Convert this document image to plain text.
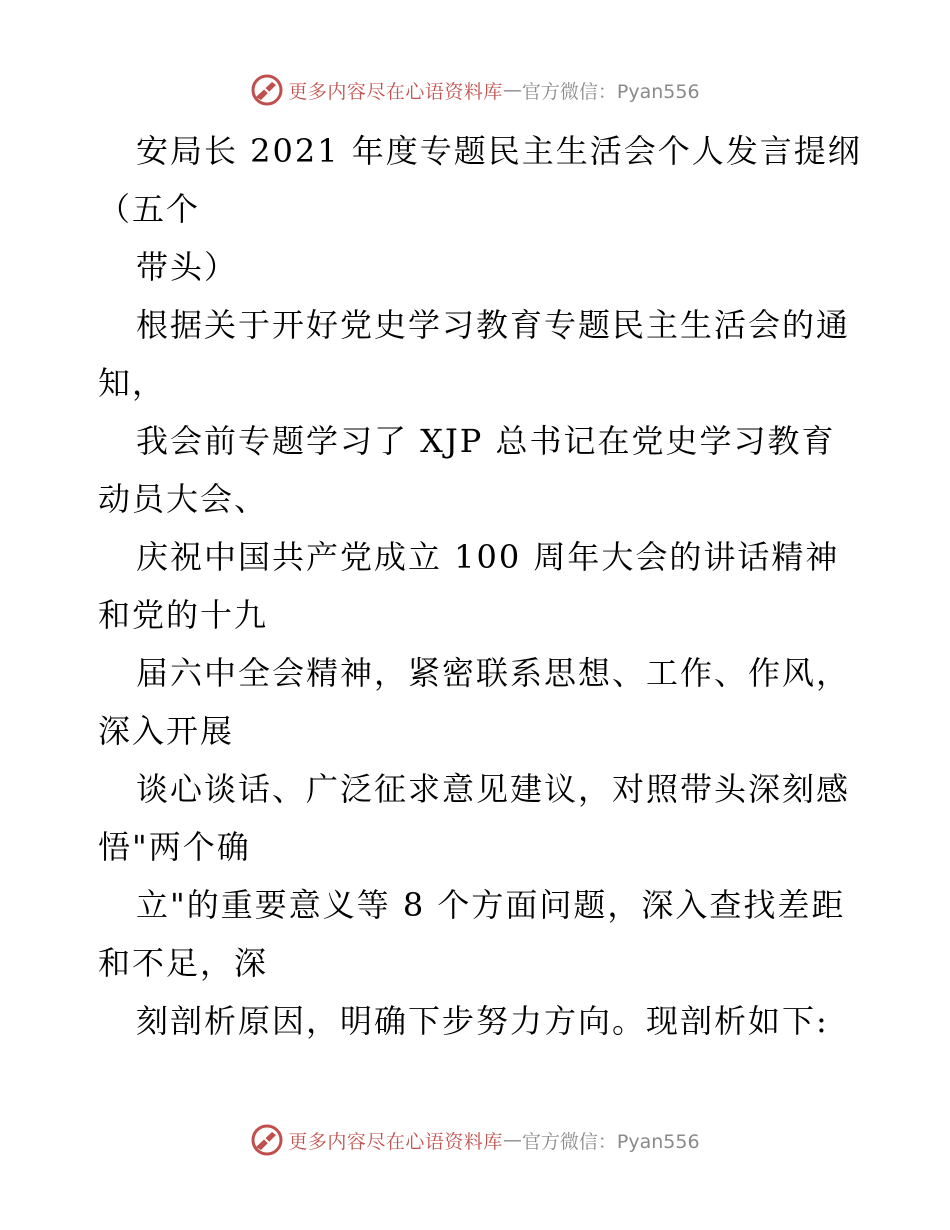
更多内容尽在心语资料库 — 官方微信：Pyan556
安局长 2021 年度专题民主生活会个人发言提纲
（五个
带头）
根据关于开好党史学习教育专题民主生活会的通
知，
我会前专题学习了 XJP 总书记在党史学习教育
动员大会、
庆祝中国共产党成立 100 周年大会的讲话精神
和党的十九
届六中全会精神，紧密联系思想、工作、作风，
深入开展
谈心谈话、广泛征求意见建议，对照带头深刻感
悟"两个确
立"的重要意义等 8 个方面问题，深入查找差距
和不足，深
刻剖析原因，明确下步努力方向。现剖析如下:
更多内容尽在心语资料库 — 官方微信：Pyan556
